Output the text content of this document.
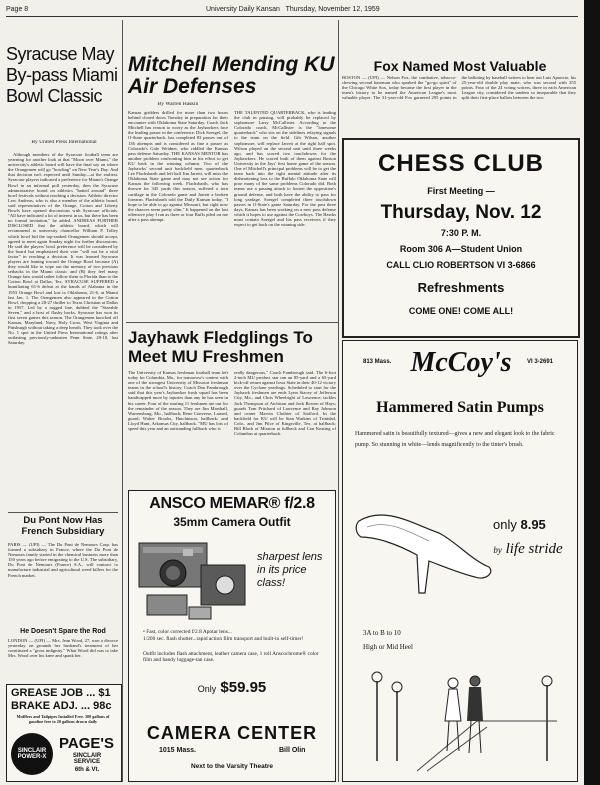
Page 8	University Daily Kansan Thursday, November 12, 1959
Syracuse May By-pass Miami Bowl Classic
By United Press International
Although members of the Syracuse football team are yearning for another look at that "Moon over Miami," the university's athletic board will have the final say on where the Orangemen will go "bowling" on New Year's Day. And that decision isn't expected until Sunday—at the earliest. Syracuse players indicated a preference for Miami's Orange Bowl in an informal poll yesterday, then the Syracuse administrative board on athletics "batted around" three bowl festivals without reaching a decision. Athletic director Lew Andreas, who is also a member of the athletic board, said representatives of the Orange, Cotton and Liberty Bowls have opened discussions with Syracuse officials. "All have indicated a lot of interest in us, but there has been no formal invitation," he added. ANDREAS FURTHER DISCLOSED that the athletic board, which will recommend to university chancellor William P. Tolley which bowl bid the top-ranked Orangemen should accept, agreed to meet again Sunday night for further discussions. He said the players' bowl preference will be considered by the board but emphasized their vote "will not be a vital factor" in reaching a decision. It was learned Syracuse players are leaning toward the Orange Bowl because (A) they would like to wipe out the memory of two previous setbacks in the Miami classic and (B) they feel many Orange fans would rather follow them to Florida than to the Cotton Bowl at Dallas, Tex. SYRACUSE SUFFERED a humiliating 61-6 defeat at the hands of Alabama in the 1953 Orange Bowl and lost to Oklahoma, 21-6, at Miami last Jan. 1. The Orangemen also appeared in the Cotton Bowl, dropping a 28-27 thriller to Texas Christian at Dallas in 1957. Led by a rugged line, dubbed the "Sizeable Seven," and a host of flashy backs, Syracuse has won its first seven games this season. The Orangemen knocked off Kansas, Maryland, Navy, Holy Cross, West Virginia and Pittsburgh without taking a deep breath. They took over the No. 1 spot in the United Press International ratings after outlasting previously-unbeaten Penn State, 20-18, last Saturday.
Du Pont Now Has French Subsidiary
PARIS — (UPI) — The Du Pont de Nemours Corp. has formed a subsidiary in France, where the Du Pont de Nemours family started in the chemical business more than 150 years ago before emigrating to the U.S. The subsidiary, Du Pont de Nemours (France) S.A., will contract to manufacture industrial and agricultural weed killers for the French market.
He Doesn't Spare the Rod
LONDON — (UPI) — Mrs. Jean Wood, 27, won a divorce yesterday on grounds her husband's treatment of her constituted a "gross indignity." What Wood did was to take Mrs. Wood over his knee and spank her.
GREASE JOB ... $1
BRAKE ADJ. ... 98c
Mufflers and Tailpipes Installed Free. 300 gallons of gasoline free to 20 gallons drawn daily
SINCLAIR POWER-X
PAGE'S
SINCLAIR SERVICE
6th & Vt.
Mitchell Mending KU Air Defenses
By Warren Haskin
Kansas gridders drilled for more than two hours behind closed doors Tuesday in preparation for their encounter with Oklahoma State Saturday. Coach Jack Mitchell has reason to worry as the Jayhawkers face the leading passer in the conference. Dick Soergel, the O-State quarterback, has completed 83 passes out of 136 attempts and is considered as fine a passer as Colorado's Gale Weidner, who riddled the Kansas pass defense Saturday. THE KANSAS MENTOR has another problem confronting him in his effort to get KU back in the winning column. Two of the Jayhawks' second unit backfield men, quarterback Lee Flachsbarth and left half Jim Jarrett, will miss the Oklahoma State game and may not see action for Kansas the following week. Flachsbarth, who has thrown for 345 yards this season, suffered a torn cartilage in the Colorado game and Jarrett a broken forearm. Flachsbarth told the Daily Kansan today, "I hope to be able to go against Missouri, but right now the chances seem pretty slim." It happened on the last offensive play I ran as three or four Buffs piled on me after a pass attempt.
THE TALENTED QUARTERBACK, who is leading the club in passing, will probably be replaced by sophomore Larry McCallister. According to the Colorado coach, McCallister is the "lonesome quarterback" who sits on the sidelines relaying signals to the team on the field. Gib Wilson, another sophomore, will replace Jarrett at the right half spot. Wilson played on the second unit until three weeks ago, and has scored two touchdowns for the Jayhawkers. He scored both of them against Boston University in the Jays' first home game of the season. One of Mitchell's principal problems will be to get the team back into the right mental attitude after its disheartening loss to the Buffalo Oklahoma State will pose many of the same problems Colorado did. Both teams use a passing attack to loosen the opposition's ground defense, and both have the ability to pass for long yardage. Soergel completed three touchdown passes in O-State's game Saturday. For the past three days, Kansas has been working on a new pass defense which it hopes to use against the Cowboys. The Hawks must contain Soergel and his pass receivers if they expect to get back on the winning side.
Jayhawk Fledglings To Meet MU Freshmen
The University of Kansas freshman football team left today for Columbia, Mo., for tomorrow's contest with one of the strongest University of Missouri freshman teams in the school's history. Coach Don Fambrough said that this year's Jayhawker frosh squad has been handicapped more by injuries than any he has seen in his career. Four of the starting 11 freshmen are out for the remainder of the season. They are Jim Marshall, Warrensburg, Mo., halfback; Rene Converse, Larned, guard; Walter Brooks, Hutchinson, halfback; and Lloyd Hunt, Arkansas City, halfback. "MU has lots of speed this year and an outstanding fullback who is
really dangerous," Coach Fambrough said. The 6-foot 2-inch MU product star ran an 85-yard and a 65-yard kick-off return against Iowa State in their 40-12 victory over the Cyclone yearlings. Scheduled to start for the Jayhawk freshmen are ends Lynn Stacey of Jefferson City, Mo., and Chris Wheelright of Lawrence; tackles Jack Thompson of Atchison and Jack Bowen of Hays; guards Tom Pritchard of Lawrence and Ray Johnson and center Marvin Clothier of Stafford. In the backfield for KU will be Stan Watkins of Trinidad, Colo., and Jim Pilce of Kingsville, Tex. at halfback; Bill Black of Mission at fullback and Con Keating of Columbus at quarterback.
ANSCO MEMAR® f/2.8
35mm Camera Outfit
sharpest lens in its price class!
• Fast, color corrected f/2.8 Apotar lens...
1/200 sec. flash shutter...rapid action film transport and built-in self-timer!
Outfit includes flash attachment, leather camera case, 1 roll Anscochrome® color film and handy luggage-tan case.
Only $59.95
CAMERA CENTER
1015 Mass.	Bill Olin
Next to the Varsity Theatre
Fox Named Most Valuable
BOSTON — (UPI) — Nelson Fox, the combative, tobacco-chewing second baseman who sparked the "go-go spirit" of the Chicago White Sox, today became the first player in the team's history to be named the American League's most valuable player. The 31-year-old Fox garnered 295 points in the balloting by baseball writers to beat out Luis Aparicio, his 25-year-old double play mate, who was second with 255 points. Four of the 24 voting writers, three in each American League city, considered the tandem so inseparable that they split their first-place ballots between the two.
CHESS CLUB
First Meeting —
Thursday, Nov. 12
7:30 P. M.
Room 306 A—Student Union
CALL CLIO ROBERTSON VI 3-6866
Refreshments
COME ONE! COME ALL!
813 Mass. McCoy's	VI 3-2691
Hammered Satin Pumps
Hammered satin is beautifully textured—gives a new and elegant look to the fabric pump. So stunning in white—lends magnificently to the tinter's brush.
only 8.95
by life stride
3A to B to 10
High or Mid Heel
